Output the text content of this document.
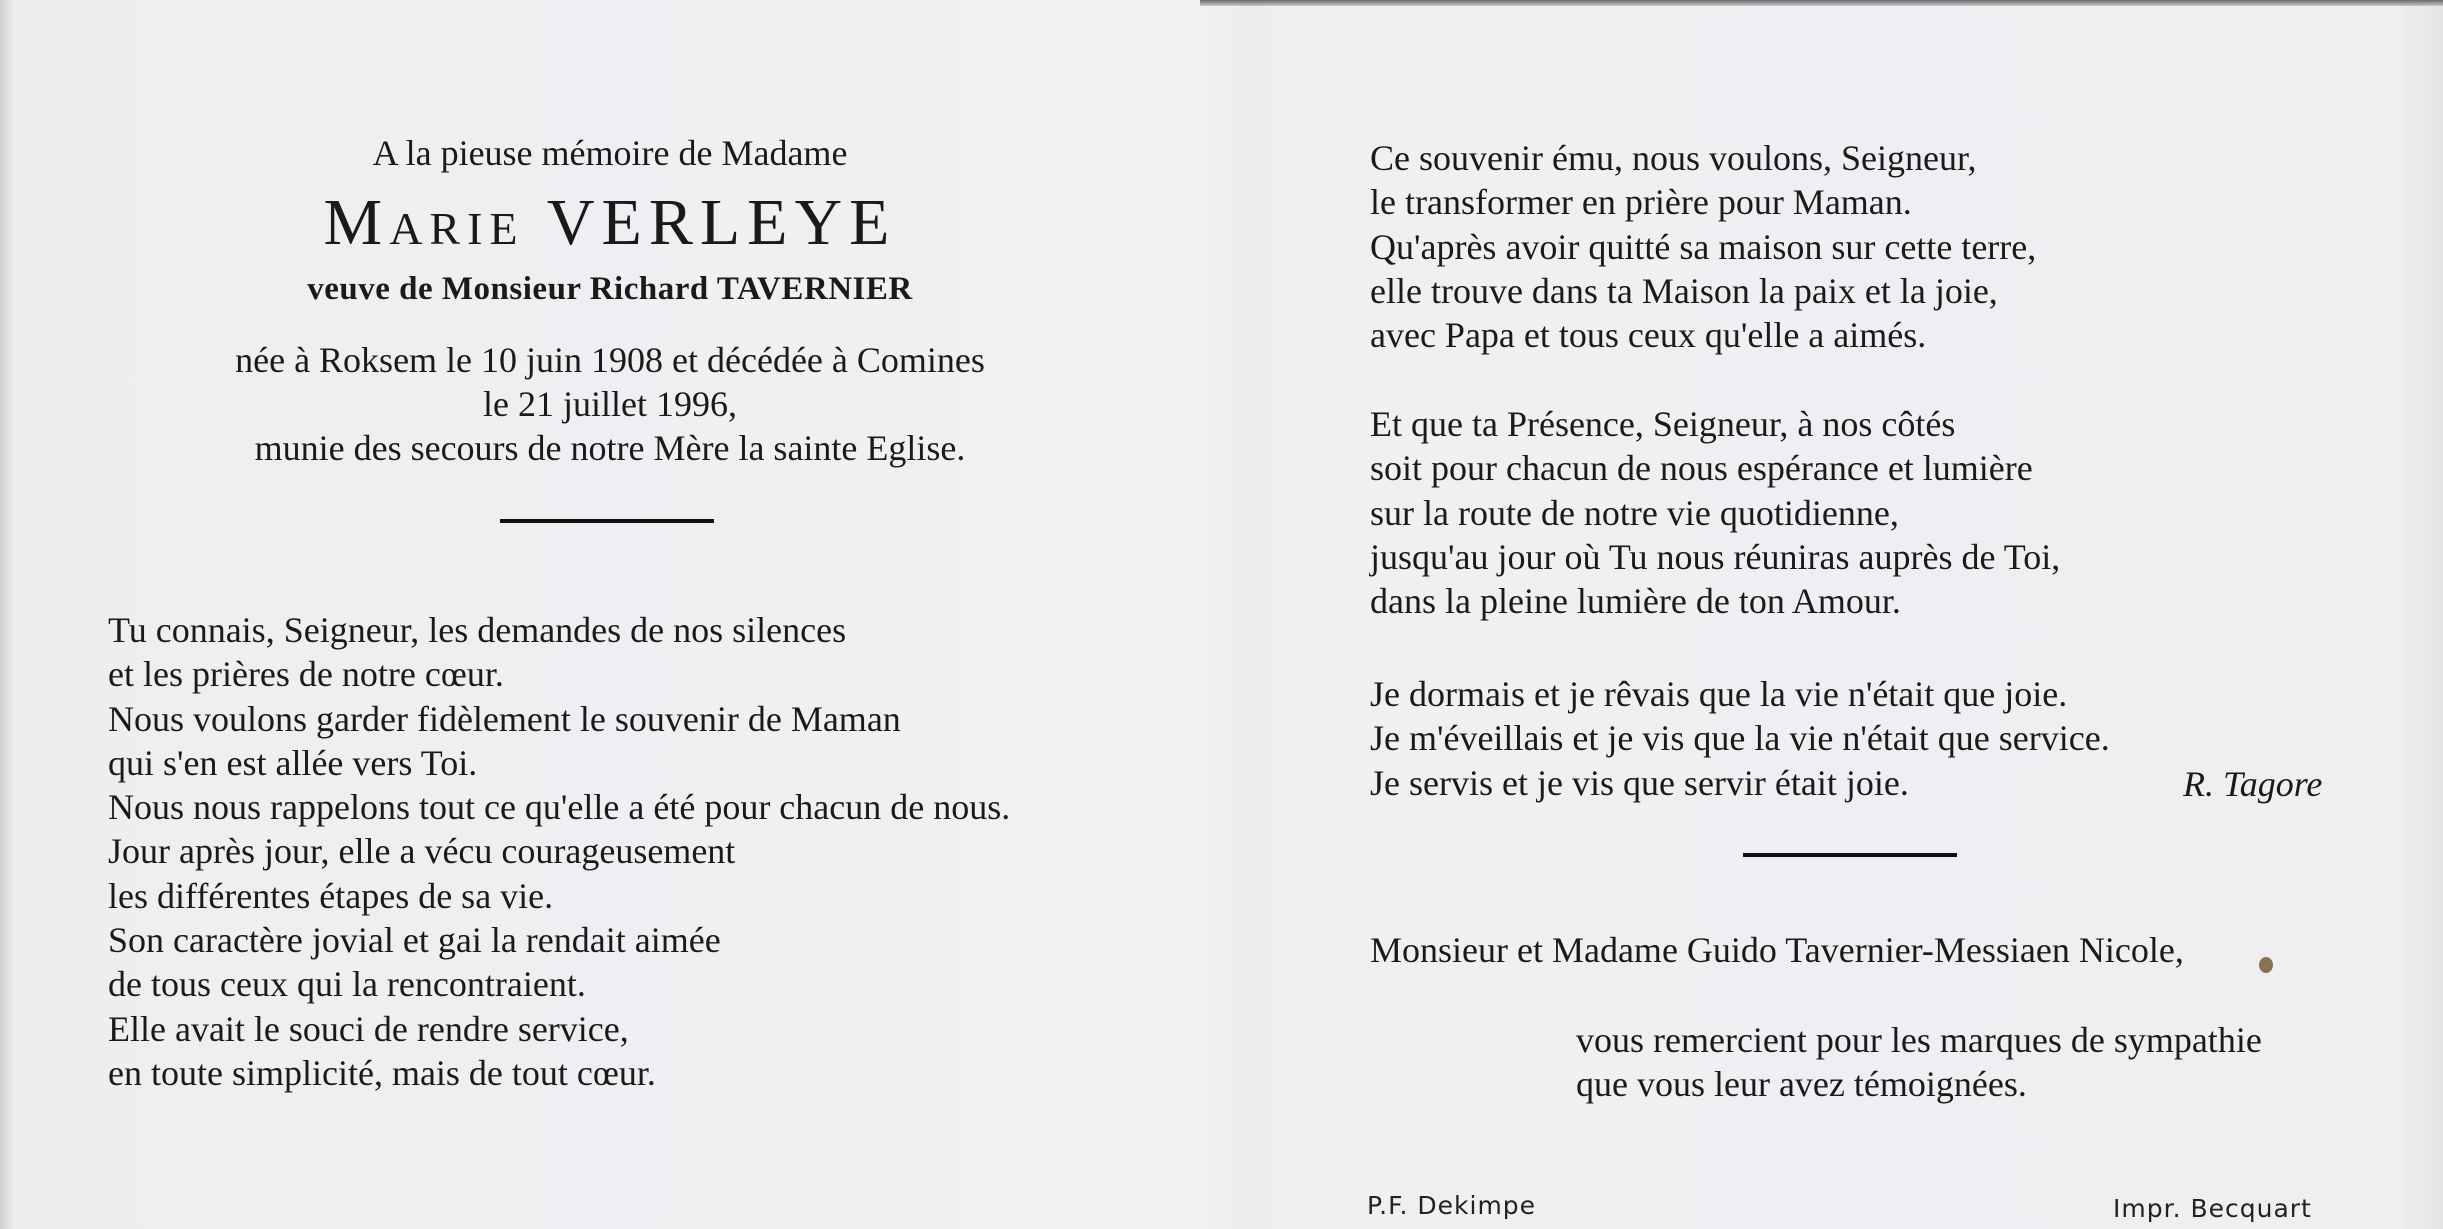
A la pieuse mémoire de Madame
Marie VERLEYE
veuve de Monsieur Richard TAVERNIER
née à Roksem le 10 juin 1908 et décédée à Comines
le 21 juillet 1996,
munie des secours de notre Mère la sainte Eglise.
Tu connais, Seigneur, les demandes de nos silences
et les prières de notre cœur.
Nous voulons garder fidèlement le souvenir de Maman
qui s'en est allée vers Toi.
Nous nous rappelons tout ce qu'elle a été pour chacun de nous.
Jour après jour, elle a vécu courageusement
les différentes étapes de sa vie.
Son caractère jovial et gai la rendait aimée
de tous ceux qui la rencontraient.
Elle avait le souci de rendre service,
en toute simplicité, mais de tout cœur.
Ce souvenir ému, nous voulons, Seigneur,
le transformer en prière pour Maman.
Qu'après avoir quitté sa maison sur cette terre,
elle trouve dans ta Maison la paix et la joie,
avec Papa et tous ceux qu'elle a aimés.
Et que ta Présence, Seigneur, à nos côtés
soit pour chacun de nous espérance et lumière
sur la route de notre vie quotidienne,
jusqu'au jour où Tu nous réuniras auprès de Toi,
dans la pleine lumière de ton Amour.
Je dormais et je rêvais que la vie n'était que joie.
Je m'éveillais et je vis que la vie n'était que service.
Je servis et je vis que servir était joie.	R. Tagore
Monsieur et Madame Guido Tavernier-Messiaen Nicole,
vous remercient pour les marques de sympathie
que vous leur avez témoignées.
P.F. Dekimpe	Impr. Becquart
